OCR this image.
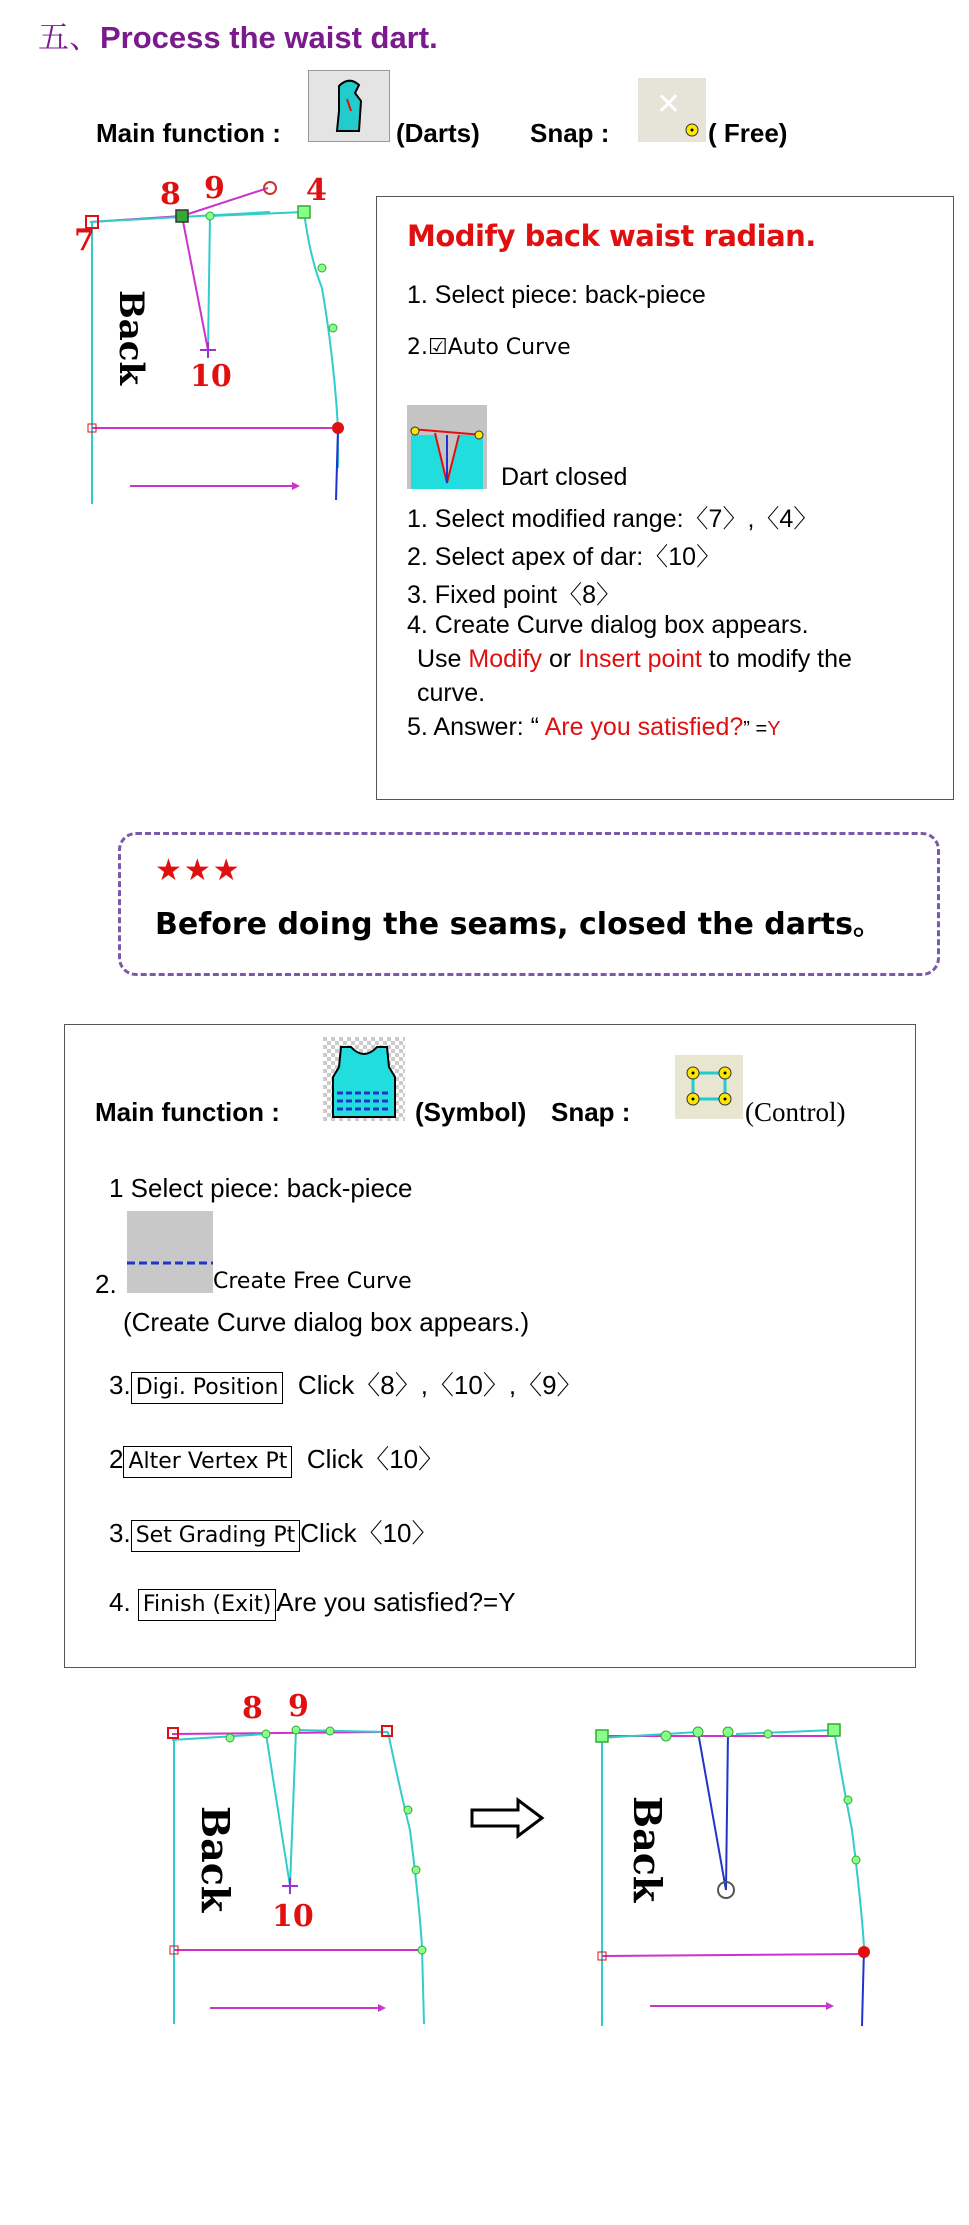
五、Process the waist dart.
Main function :	(Darts) Snap :
✕
( Free)
7
8 9	4
10
Back
Modify back waist radian.
1. Select piece: back-piece
2.☑Auto Curve
Dart closed
1. Select modified range:〈7〉,〈4〉
2. Select apex of dar:〈10〉
3. Fixed point〈8〉
4. Create Curve dialog box appears.
Use Modify or Insert point to modify the
curve.
5. Answer: “ Are you satisfied?” =Y
★★★
Before doing the seams, closed the darts。
Main function :	(Symbol) Snap :	(Control)
1 Select piece: back-piece
2.	Create Free Curve
(Create Curve dialog box appears.)
3. Digi. Position Click〈8〉,〈10〉,〈9〉
2 Alter Vertex Pt Click〈10〉
3. Set Grading Pt Click〈10〉
4. Finish (Exit) Are you satisfied?=Y
8 9
10
Back	Back
